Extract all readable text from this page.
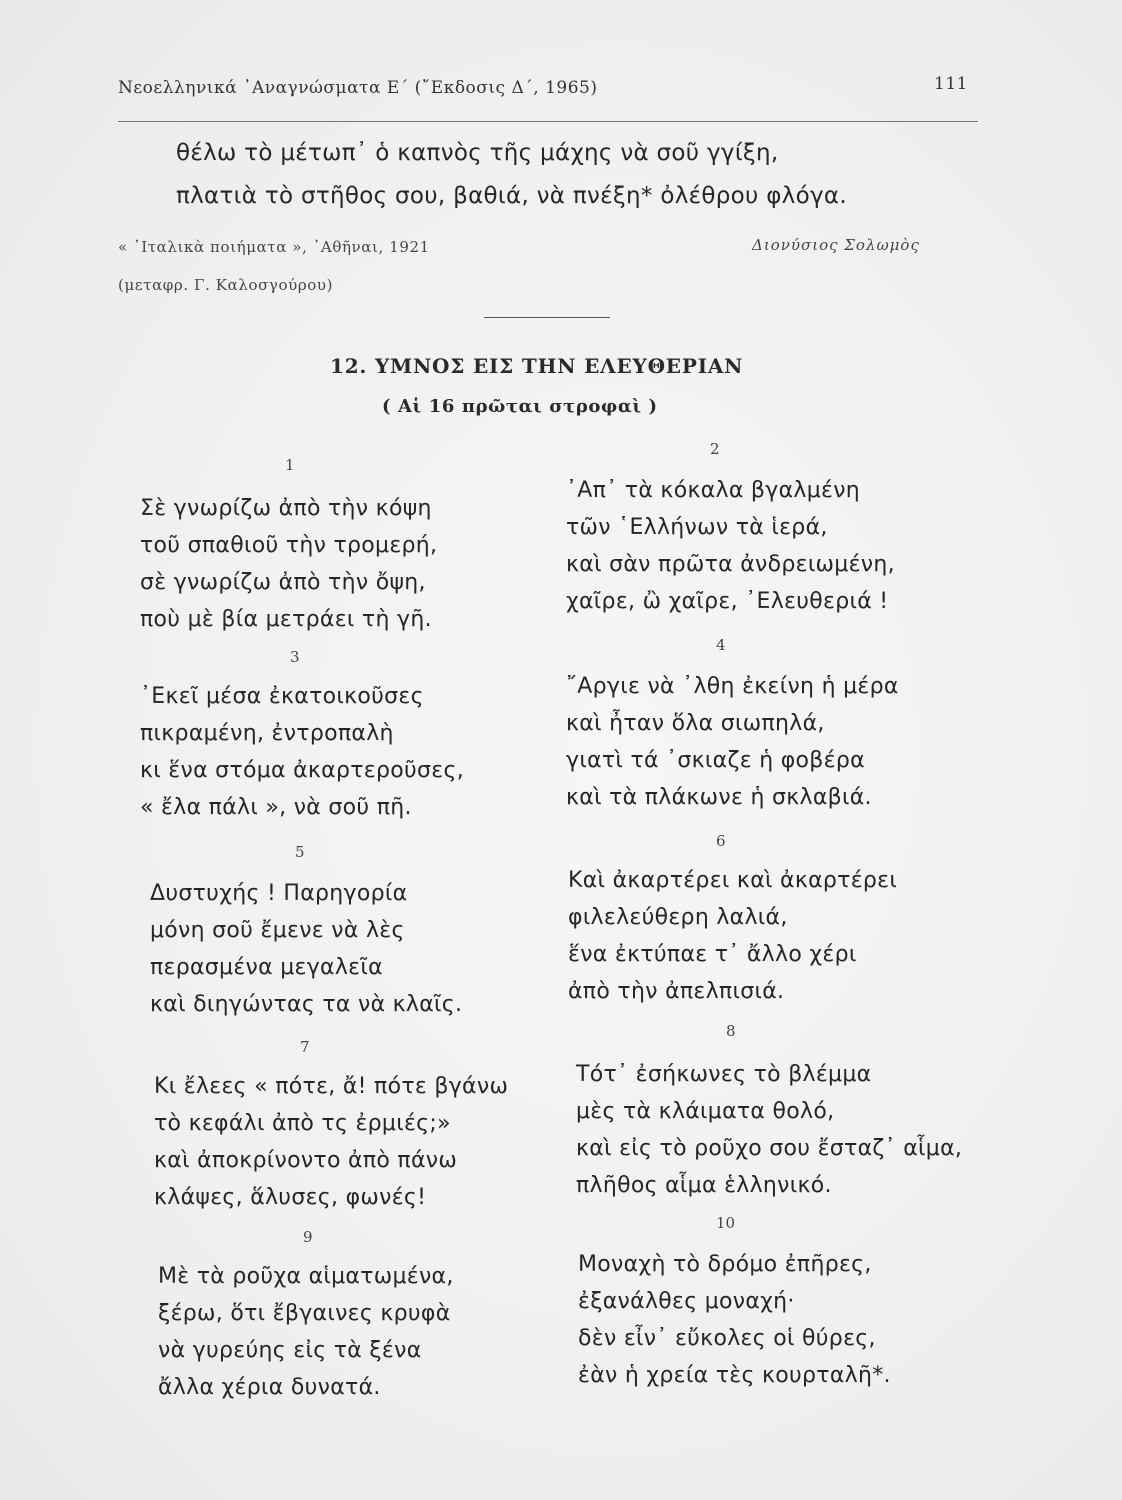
Νεοελληνικά ᾿Αναγνώσματα Ε΄ (῎Εκδοσις Δ΄, 1965)	111
θέλω τὸ μέτωπ᾿ ὁ καπνὸς τῆς μάχης νὰ σοῦ γγίξη,
πλατιὰ τὸ στῆθος σου, βαθιά, νὰ πνέξη* ὀλέθρου φλόγα.
« ᾿Ιταλικὰ ποιήματα », ᾿Αθῆναι, 1921
(μεταφρ. Γ. Καλοσγούρου)
Διονύσιος Σολωμὸς
12. ΥΜΝΟΣ ΕΙΣ ΤΗΝ ΕΛΕΥΘΕΡΙΑΝ
( Αἱ 16 πρῶται στροφαὶ )
1
Σὲ γνωρίζω ἀπὸ τὴν κόψη
τοῦ σπαθιοῦ τὴν τρομερή,
σὲ γνωρίζω ἀπὸ τὴν ὄψη,
ποὺ μὲ βία μετράει τὴ γῆ.
3
᾿Εκεῖ μέσα ἐκατοικοῦσες
πικραμένη, ἐντροπαλὴ
κι ἕνα στόμα ἀκαρτεροῦσες,
« ἔλα πάλι », νὰ σοῦ πῆ.
5
Δυστυχής ! Παρηγορία
μόνη σοῦ ἔμενε νὰ λὲς
περασμένα μεγαλεῖα
καὶ διηγώντας τα νὰ κλαῖς.
7
Κι ἔλεες « πότε, ἄ! πότε βγάνω
τὸ κεφάλι ἀπὸ τς ἐρμιές;»
καὶ ἀποκρίνοντο ἀπὸ πάνω
κλάψες, ἅλυσες, φωνές!
9
Μὲ τὰ ροῦχα αἱματωμένα,
ξέρω, ὅτι ἔβγαινες κρυφὰ
νὰ γυρεύης εἰς τὰ ξένα
ἄλλα χέρια δυνατά.
2
᾿Απ᾿ τὰ κόκαλα βγαλμένη
τῶν ῾Ελλήνων τὰ ἱερά,
καὶ σὰν πρῶτα ἀνδρειωμένη,
χαῖρε, ὢ χαῖρε, ᾿Ελευθεριά !
4
῎Αργιε νὰ ᾿λθη ἐκείνη ἡ μέρα
καὶ ἦταν ὅλα σιωπηλά,
γιατὶ τά ᾿σκιαζε ἡ φοβέρα
καὶ τὰ πλάκωνε ἡ σκλαβιά.
6
Καὶ ἀκαρτέρει καὶ ἀκαρτέρει
φιλελεύθερη λαλιά,
ἕνα ἐκτύπαε τ᾿ ἄλλο χέρι
ἀπὸ τὴν ἀπελπισιά.
8
Τότ᾿ ἐσήκωνες τὸ βλέμμα
μὲς τὰ κλάιματα θολό,
καὶ εἰς τὸ ροῦχο σου ἔσταζ᾿ αἷμα,
πλῆθος αἷμα ἑλληνικό.
10
Μοναχὴ τὸ δρόμο ἐπῆρες,
ἐξανάλθες μοναχή·
δὲν εἶν᾿ εὔκολες οἱ θύρες,
ἐὰν ἡ χρεία τὲς κουρταλῆ*.
